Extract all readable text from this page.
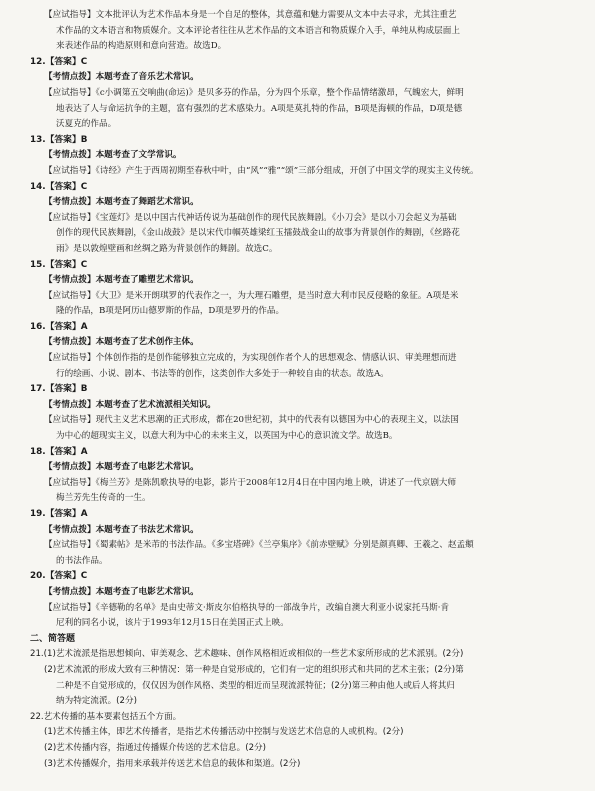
【应试指导】文本批评认为艺术作品本身是一个自足的整体，其意蕴和魅力需要从文本中去寻求，尤其注重艺
术作品的文本语言和物质媒介。文本评论者往往从艺术作品的文本语言和物质媒介入手，单纯从构成层面上
来表述作品的构造原则和意向营造。故选D。
12.【答案】C
【考情点拨】本题考查了音乐艺术常识。
【应试指导】《c小调第五交响曲(命运)》是贝多芬的作品，分为四个乐章，整个作品情绪激昂，气魄宏大，鲜明
地表达了人与命运抗争的主题，富有强烈的艺术感染力。A项是莫扎特的作品，B项是海顿的作品，D项是德
沃夏克的作品。
13.【答案】B
【考情点拨】本题考查了文学常识。
【应试指导】《诗经》产生于西周初期至春秋中叶，由“风”“雅”“颂”三部分组成，开创了中国文学的现实主义传统。
14.【答案】C
【考情点拨】本题考查了舞蹈艺术常识。
【应试指导】《宝莲灯》是以中国古代神话传说为基础创作的现代民族舞剧。《小刀会》是以小刀会起义为基础
创作的现代民族舞剧，《金山战鼓》是以宋代巾帼英雄梁红玉擂鼓战金山的故事为背景创作的舞剧，《丝路花
雨》是以敦煌壁画和丝绸之路为背景创作的舞剧。故选C。
15.【答案】C
【考情点拨】本题考查了雕塑艺术常识。
【应试指导】《大卫》是米开朗琪罗的代表作之一，为大理石雕塑，是当时意大利市民反侵略的象征。A项是米
隆的作品，B项是阿历山德罗斯的作品，D项是罗丹的作品。
16.【答案】A
【考情点拨】本题考查了艺术创作主体。
【应试指导】个体创作指的是创作能够独立完成的，为实现创作者个人的思想观念、情感认识、审美理想而进
行的绘画、小说、剧本、书法等的创作，这类创作大多处于一种较自由的状态。故选A。
17.【答案】B
【考情点拨】本题考查了艺术流派相关知识。
【应试指导】现代主义艺术思潮的正式形成，都在20世纪初，其中的代表有以德国为中心的表现主义，以法国
为中心的超现实主义，以意大利为中心的未来主义，以英国为中心的意识流文学。故选B。
18.【答案】A
【考情点拨】本题考查了电影艺术常识。
【应试指导】《梅兰芳》是陈凯歌执导的电影，影片于2008年12月4日在中国内地上映，讲述了一代京剧大师
梅兰芳先生传奇的一生。
19.【答案】A
【考情点拨】本题考查了书法艺术常识。
【应试指导】《蜀素帖》是米芾的书法作品。《多宝塔碑》《兰亭集序》《前赤壁赋》分别是颜真卿、王羲之、赵孟頫
的书法作品。
20.【答案】C
【考情点拨】本题考查了电影艺术常识。
【应试指导】《辛德勒的名单》是由史蒂文·斯皮尔伯格执导的一部战争片，改编自澳大利亚小说家托马斯·肯
尼利的同名小说，该片于1993年12月15日在美国正式上映。
二、简答题
21.(1)艺术流派是指思想倾向、审美观念、艺术趣味、创作风格相近或相似的一些艺术家所形成的艺术派别。(2分)
(2)艺术流派的形成大致有三种情况：第一种是自觉形成的，它们有一定的组织形式和共同的艺术主张；(2分)第
二种是不自觉形成的，仅仅因为创作风格、类型的相近而呈现流派特征；(2分)第三种由他人或后人将其归
纳为特定流派。(2分)
22.艺术传播的基本要素包括五个方面。
(1)艺术传播主体，即艺术传播者，是指艺术传播活动中控制与发送艺术信息的人或机构。(2分)
(2)艺术传播内容，指通过传播媒介传送的艺术信息。(2分)
(3)艺术传播媒介，指用来承载并传送艺术信息的载体和渠道。(2分)
